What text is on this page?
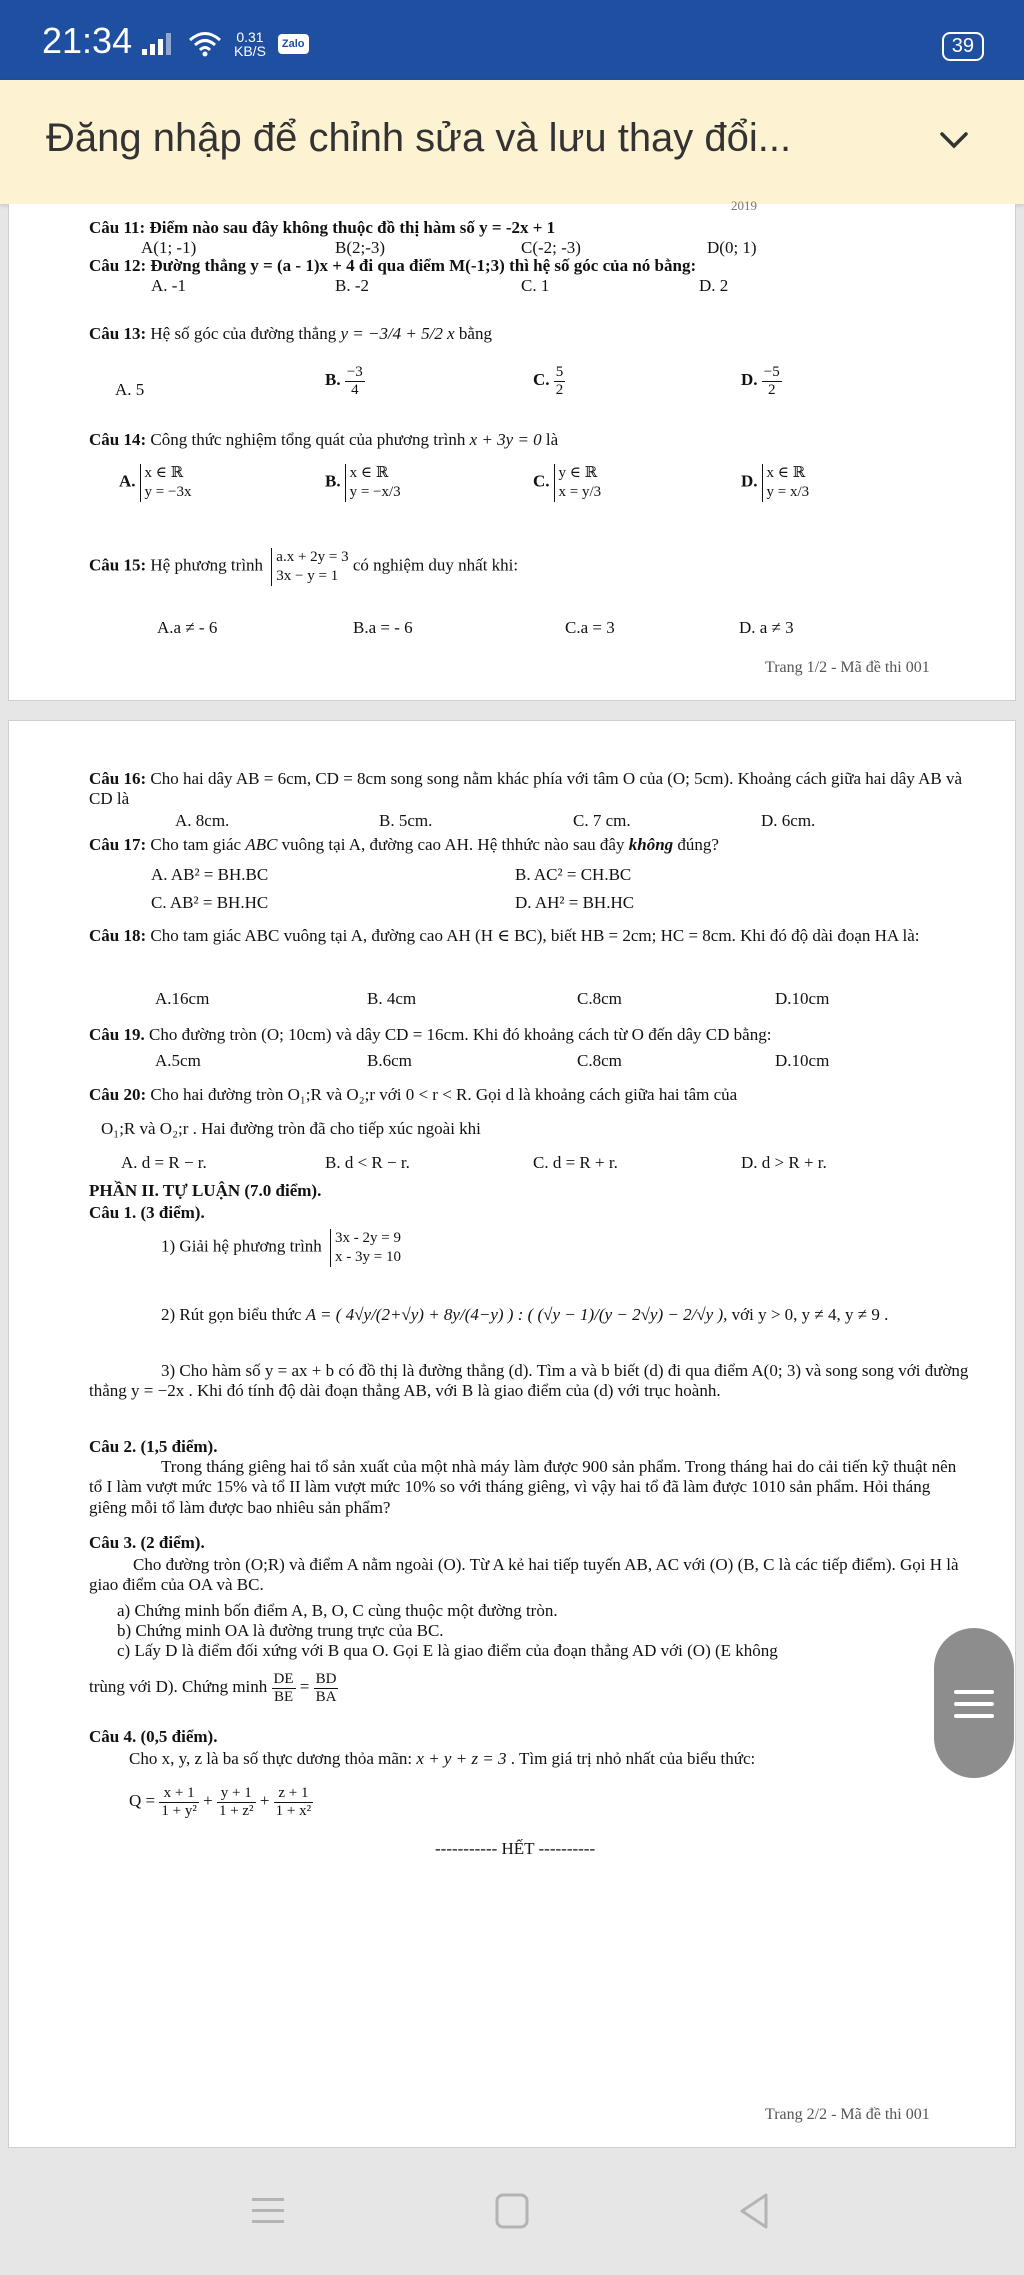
21:34	0.31
KB/S	Zalo	39
Đăng nhập để chỉnh sửa và lưu thay đổi...
2019
Câu 11: Điểm nào sau đây không thuộc đồ thị hàm số y = -2x + 1
A(1; -1)	B(2;-3)	C(-2; -3)	D(0; 1)
Câu 12: Đường thẳng y = (a - 1)x + 4 đi qua điểm M(-1;3) thì hệ số góc của nó bằng:
A. -1	B. -2	C. 1	D. 2
Câu 13: Hệ số góc của đường thẳng y = −3/4 + 5/2 x bằng
A. 5
B. $\frac{-3}{4}$	C. $\frac{5}{2}$	D. $\frac{-5}{2}$
Câu 14: Công thức nghiệm tổng quát của phương trình x + 3y = 0 là
A. x ∈ ℝ
y = −3x
B. x ∈ ℝ
y = −x/3
C. y ∈ ℝ
x = y/3
D. x ∈ ℝ
y = x/3
Câu 15: Hệ phương trình a.x + 2y = 3
3x − y = 1
có nghiệm duy nhất khi:
A.a ≠ - 6	B.a = - 6	C.a = 3	D. a ≠ 3
Trang 1/2 - Mã đề thi 001
Câu 16: Cho hai dây AB = 6cm, CD = 8cm song song nằm khác phía với tâm O của (O; 5cm). Khoảng cách giữa hai dây AB và CD là
A. 8cm.	B. 5cm.	C. 7 cm.	D. 6cm.
Câu 17: Cho tam giác ABC vuông tại A, đường cao AH. Hệ thhức nào sau đây không đúng?
A. AB² = BH.BC	B. AC² = CH.BC
C. AB² = BH.HC	D. AH² = BH.HC
Câu 18: Cho tam giác ABC vuông tại A, đường cao AH (H ∈ BC), biết HB = 2cm; HC = 8cm. Khi đó độ dài đoạn HA là:
A.16cm	B. 4cm	C.8cm	D.10cm
Câu 19. Cho đường tròn (O; 10cm) và dây CD = 16cm. Khi đó khoảng cách từ O đến dây CD bằng:
A.5cm	B.6cm	C.8cm	D.10cm
Câu 20: Cho hai đường tròn O₁;R và O₂;r với 0 < r < R. Gọi d là khoảng cách giữa hai tâm của
O₁;R và O₂;r . Hai đường tròn đã cho tiếp xúc ngoài khi
A. d = R − r.	B. d < R − r.	C. d = R + r.	D. d > R + r.
PHẦN II. TỰ LUẬN (7.0 điểm).
Câu 1. (3 điểm).
1) Giải hệ phương trình 3x - 2y = 9
x - 3y = 10
2) Rút gọn biểu thức A = ( 4√y/(2+√y) + 8y/(4−y) ) : ( (√y − 1)/(y − 2√y) − 2/√y ), với y > 0, y ≠ 4, y ≠ 9 .
3) Cho hàm số y = ax + b có đồ thị là đường thẳng (d). Tìm a và b biết (d) đi qua điểm A(0; 3) và song song với đường thẳng y = −2x . Khi đó tính độ dài đoạn thẳng AB, với B là giao điểm của (d) với trục hoành.
Câu 2. (1,5 điểm).
Trong tháng giêng hai tổ sản xuất của một nhà máy làm được 900 sản phẩm. Trong tháng hai do cải tiến kỹ thuật nên tổ I làm vượt mức 15% và tổ II làm vượt mức 10% so với tháng giêng, vì vậy hai tổ đã làm được 1010 sản phẩm. Hỏi tháng giêng mỗi tổ làm được bao nhiêu sản phẩm?
Câu 3. (2 điểm).
Cho đường tròn (O;R) và điểm A nằm ngoài (O). Từ A kẻ hai tiếp tuyến AB, AC với (O) (B, C là các tiếp điểm). Gọi H là giao điểm của OA và BC.
a) Chứng minh bốn điểm A, B, O, C cùng thuộc một đường tròn.
b) Chứng minh OA là đường trung trực của BC.
c) Lấy D là điểm đối xứng với B qua O. Gọi E là giao điểm của đoạn thẳng AD với (O) (E không
trùng với D). Chứng minh $\frac{DE}{BE} = \frac{BD}{BA}$
Câu 4. (0,5 điểm).
Cho x, y, z là ba số thực dương thỏa mãn: x + y + z = 3 . Tìm giá trị nhỏ nhất của biểu thức:
$Q = \frac{x + 1}{\text{1 + y²}} + \frac{y + 1}{\text{1 + z²}} + \frac{z + 1}{\text{1 + x²}}$
----------- HẾT ----------
Trang 2/2 - Mã đề thi 001
